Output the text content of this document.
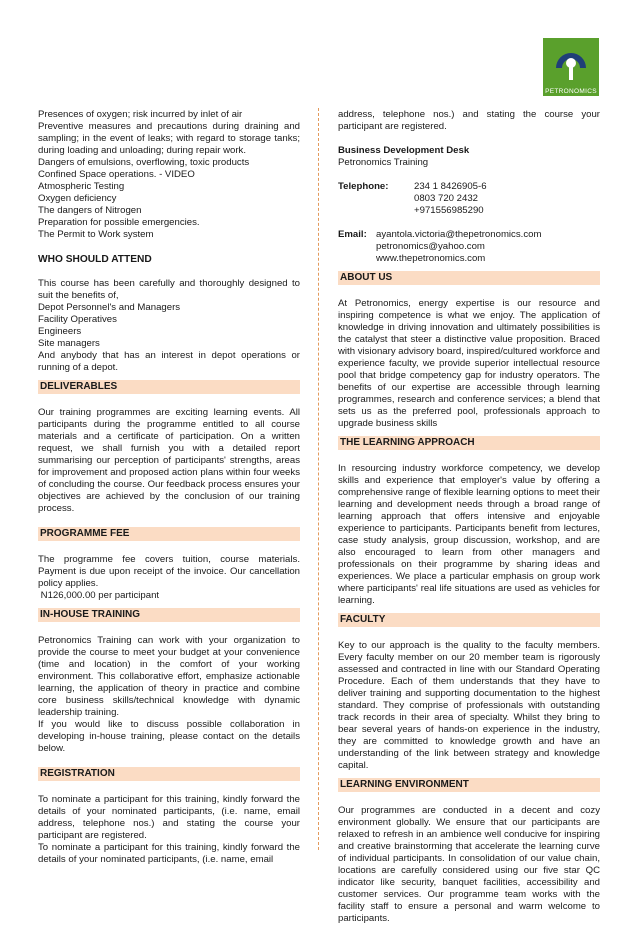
PETRONOMICS

Presences of oxygen; risk incurred by inlet of air

Preventive measures and precautions during draining and sampling; in the event of leaks; with regard to storage tanks; during loading and unloading; during repair work.

Dangers of emulsions, overflowing, toxic products

Confined Space operations. - VIDEO

Atmospheric Testing

Oxygen deficiency

The dangers of Nitrogen

Preparation for possible emergencies.

The Permit to Work system

WHO SHOULD ATTEND

This course has been carefully and thoroughly designed to suit the benefits of,

Depot Personnel's and Managers

Facility Operatives

Engineers

Site managers

And anybody that has an interest in depot operations or running of a depot.

DELIVERABLES

Our training programmes are exciting learning events. All participants during the programme entitled to all course materials and a certificate of participation. On a written request, we shall furnish you with a detailed report summarising our perception of participants' strengths, areas for improvement and proposed action plans within four weeks of concluding the course. Our feedback process ensures your objectives are achieved by the conclusion of our training process.

PROGRAMME FEE

The programme fee covers tuition, course materials. Payment is due upon receipt of the invoice. Our cancellation policy applies.

N126,000.00 per participant

IN-HOUSE TRAINING

Petronomics Training can work with your organization to provide the course to meet your budget at your convenience (time and location) in the comfort of your working environment. This collaborative effort, emphasize actionable learning, the application of theory in practice and combine core business skills/technical knowledge with dynamic leadership training.

If you would like to discuss possible collaboration in developing in-house training, please contact on the details below.

REGISTRATION

To nominate a participant for this training, kindly forward the details of your nominated participants, (i.e. name, email address, telephone nos.) and stating the course your participant are registered.

To nominate a participant for this training, kindly forward the details of your nominated participants, (i.e. name, email

address, telephone nos.) and stating the course your participant are registered.

Business Development Desk

Petronomics Training

Telephone:	234 1 8426905-6

0803 720 2432

+971556985290

Email: ayantola.victoria@thepetronomics.com

petronomics@yahoo.com

www.thepetronomics.com

ABOUT US

At Petronomics, energy expertise is our resource and inspiring competence is what we enjoy. The application of knowledge in driving innovation and ultimately possibilities is the catalyst that steer a distinctive value proposition. Braced with visionary advisory board, inspired/cultured workforce and experience faculty, we provide superior intellectual resource pool that bridge competency gap for industry operators. The benefits of our expertise are accessible through learning programmes, research and conference services; a blend that sets us as the preferred pool, professionals approach to upgrade business skills

THE LEARNING APPROACH

In resourcing industry workforce competency, we develop skills and experience that employer's value by offering a comprehensive range of flexible learning options to meet their learning and development needs through a broad range of learning approach that offers intensive and enjoyable experience to participants. Participants benefit from lectures, case study analysis, group discussion, workshop, and are also encouraged to learn from other managers and professionals on their programme by sharing ideas and experiences. We place a particular emphasis on group work where participants' real life situations are used as vehicles for learning.

FACULTY

Key to our approach is the quality to the faculty members. Every faculty member on our 20 member team is rigorously assessed and contracted in line with our Standard Operating Procedure. Each of them understands that they have to deliver training and supporting documentation to the highest standard. They comprise of professionals with outstanding track records in their area of specialty. Whilst they bring to bear several years of hands-on experience in the industry, they are committed to knowledge growth and have an understanding of the link between strategy and knowledge capital.

LEARNING ENVIRONMENT

Our programmes are conducted in a decent and cozy environment globally. We ensure that our participants are relaxed to refresh in an ambience well conducive for inspiring and creative brainstorming that accelerate the learning curve of individual participants. In consolidation of our value chain, locations are carefully considered using our five star QC indicator like security, banquet facilities, accessibility and customer services. Our programme team works with the facility staff to ensure a personal and warm welcome to participants.
